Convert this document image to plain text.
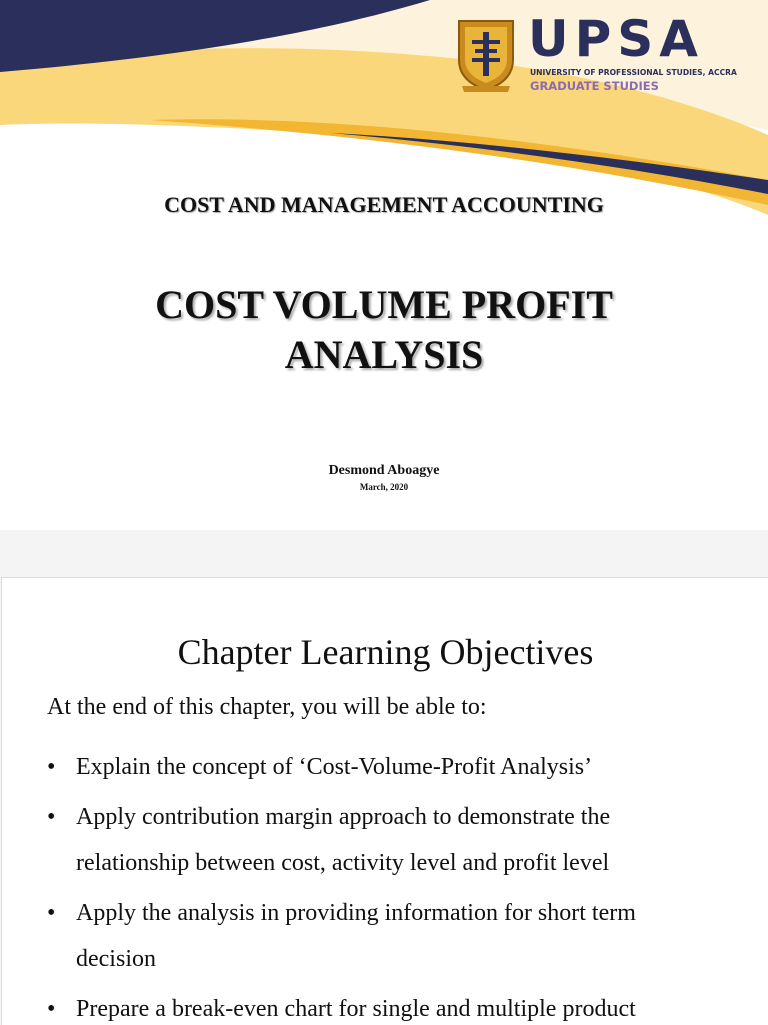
UPSA
UNIVERSITY OF PROFESSIONAL STUDIES, ACCRA
GRADUATE STUDIES
COST AND MANAGEMENT ACCOUNTING
COST VOLUME PROFIT
ANALYSIS
Desmond Aboagye
March, 2020
Chapter Learning Objectives
At the end of this chapter, you will be able to:
• Explain the concept of ‘Cost-Volume-Profit Analysis’
• Apply contribution margin approach to demonstrate the
relationship between cost, activity level and profit level
• Apply the analysis in providing information for short term
decision
• Prepare a break-even chart for single and multiple product
